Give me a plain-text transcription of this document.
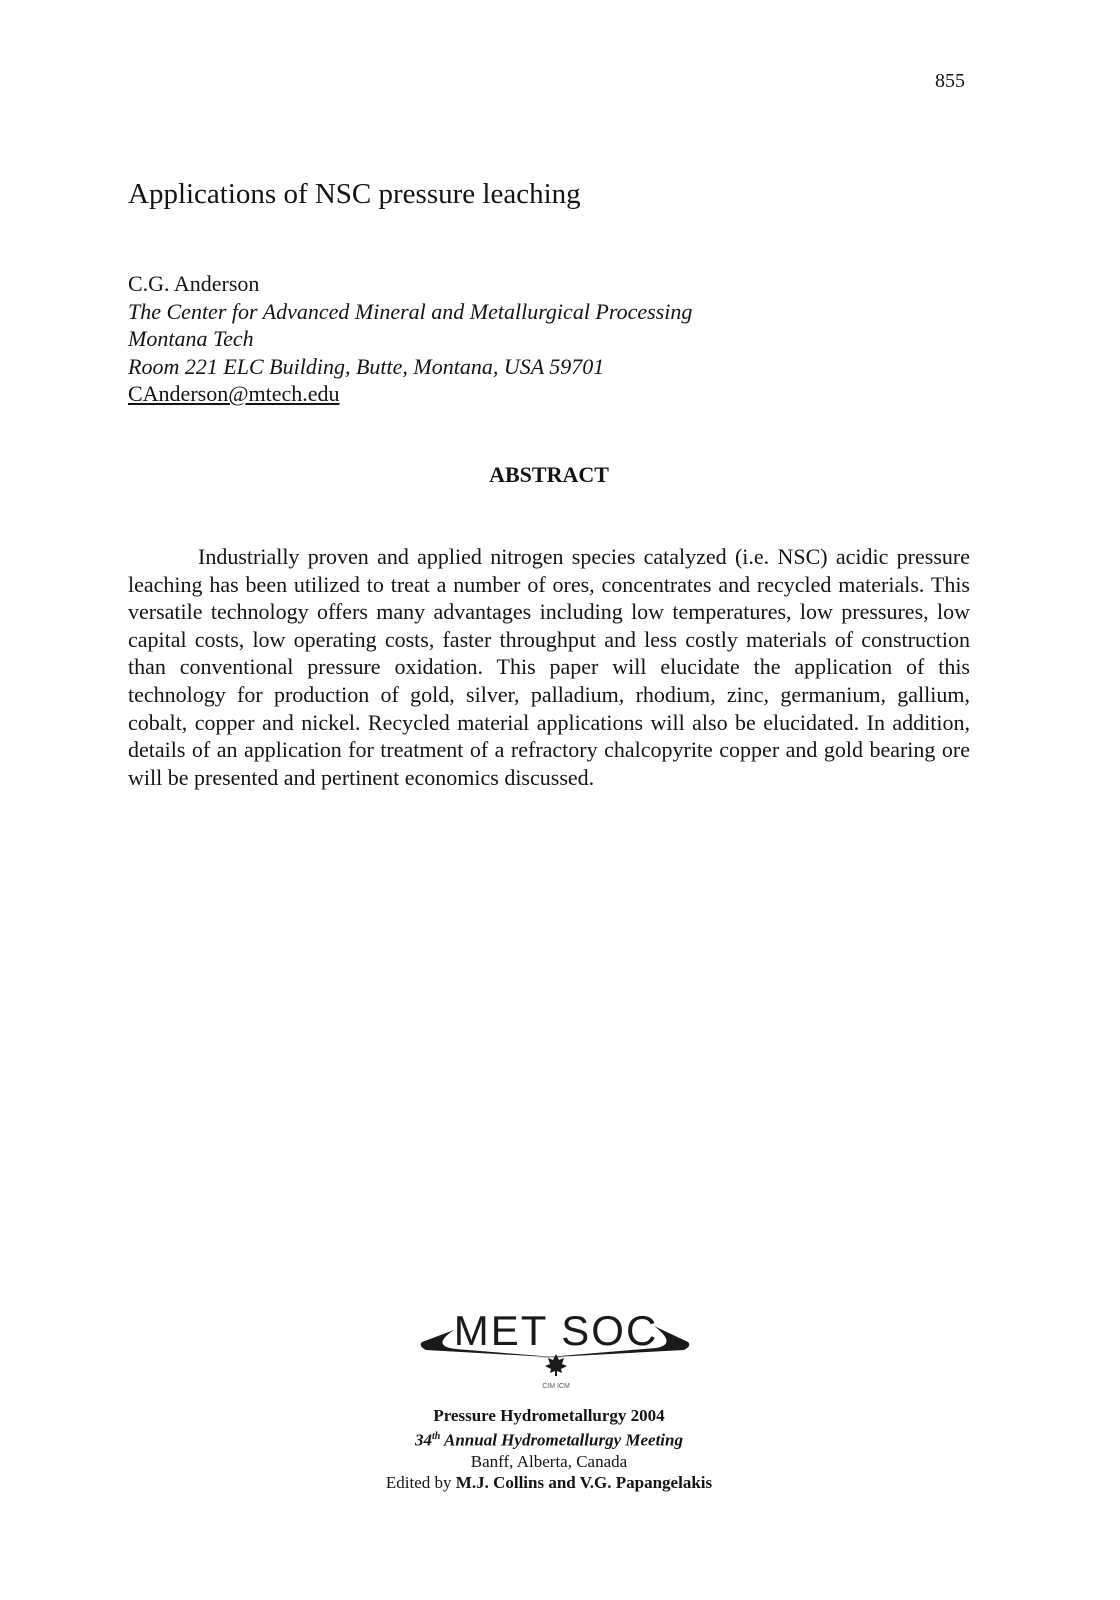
855
Applications of NSC pressure leaching
C.G. Anderson
The Center for Advanced Mineral and Metallurgical Processing
Montana Tech
Room 221 ELC Building, Butte, Montana, USA 59701
CAnderson@mtech.edu
ABSTRACT

Industrially proven and applied nitrogen species catalyzed (i.e. NSC) acidic pressure leaching has been utilized to treat a number of ores, concentrates and recycled materials. This versatile technology offers many advantages including low temperatures, low pressures, low capital costs, low operating costs, faster throughput and less costly materials of construction than conventional pressure oxidation. This paper will elucidate the application of this technology for production of gold, silver, palladium, rhodium, zinc, germanium, gallium, cobalt, copper and nickel. Recycled material applications will also be elucidated. In addition, details of an application for treatment of a refractory chalcopyrite copper and gold bearing ore will be presented and pertinent economics discussed.

MET SOC
CIM ICM
Pressure Hydrometallurgy 2004
34th Annual Hydrometallurgy Meeting
Banff, Alberta, Canada
Edited by M.J. Collins and V.G. Papangelakis
